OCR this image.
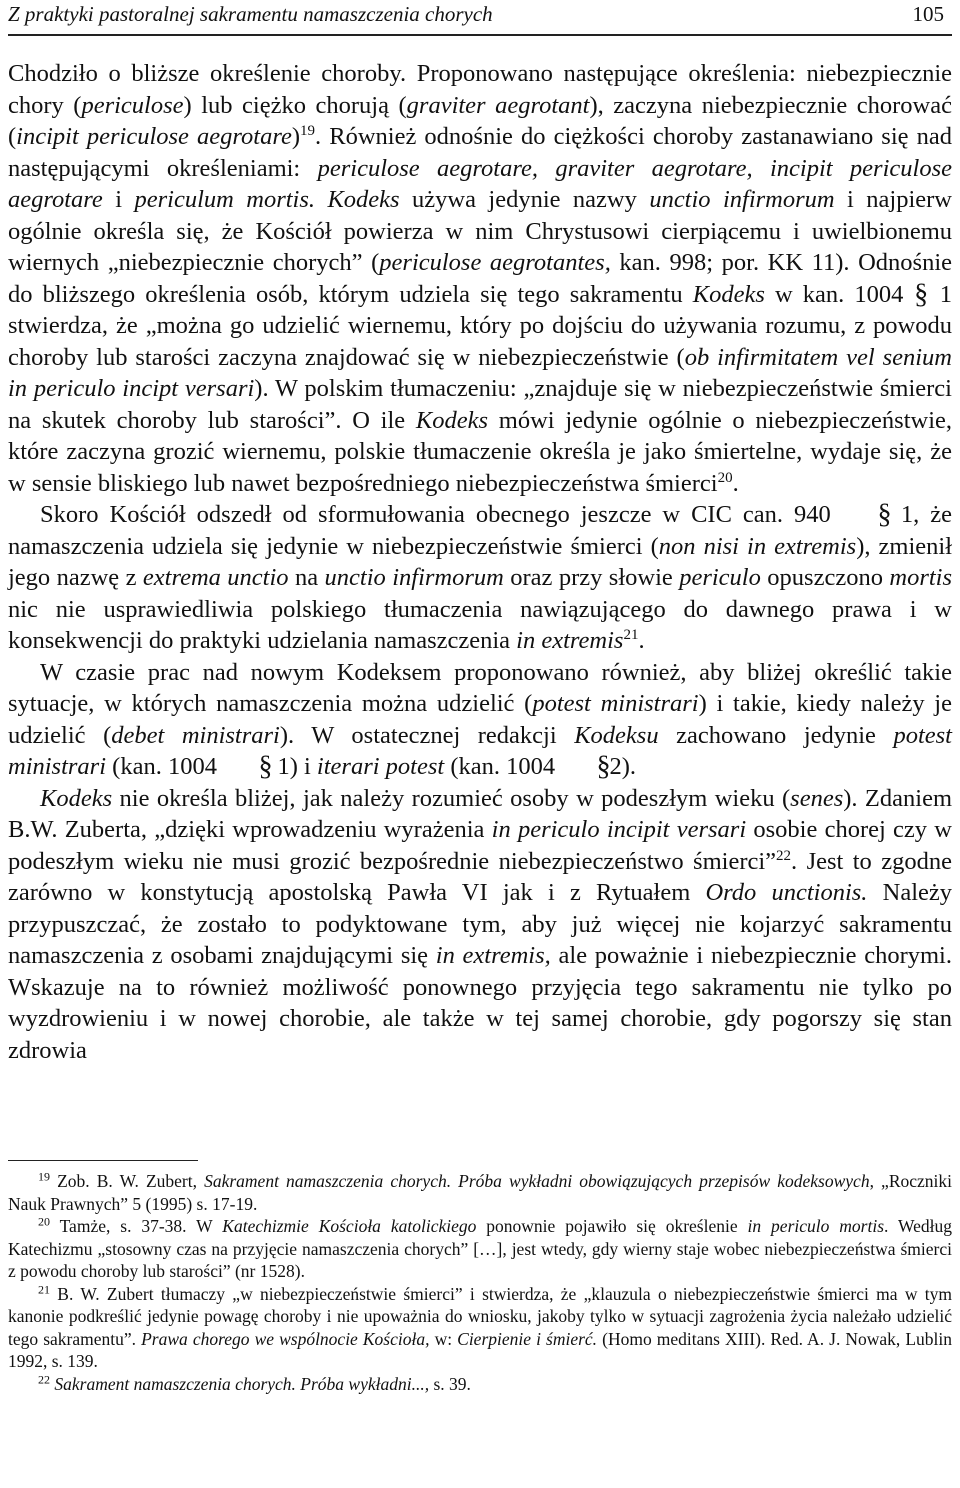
Z praktyki pastoralnej sakramentu namaszczenia chorych	105

Chodziło o bliższe określenie choroby. Proponowano następujące określenia: niebezpiecznie chory (periculose) lub ciężko chorują (graviter aegrotant), zaczyna niebezpiecznie chorować (incipit periculose aegrotare)$^{19}$. Również odnośnie do ciężkości choroby zastanawiano się nad następującymi określeniami: periculose aegrotare, graviter aegrotare, incipit periculose aegrotare i periculum mortis. Kodeks używa jedynie nazwy unctio infirmorum i najpierw ogólnie określa się, że Kościół powierza w nim Chrystusowi cierpiącemu i uwielbionemu wiernych „niebezpiecznie chorych” (periculose aegrotantes, kan. 998; por. KK 11). Odnośnie do bliższego określenia osób, którym udziela się tego sakramentu Kodeks w kan. 1004 § 1 stwierdza, że „można go udzielić wiernemu, który po dojściu do używania rozumu, z powodu choroby lub starości zaczyna znajdować się w niebezpieczeństwie (ob infirmitatem vel senium in periculo incipt versari). W polskim tłumaczeniu: „znajduje się w niebezpieczeństwie śmierci na skutek choroby lub starości”. O ile Kodeks mówi jedynie ogólnie o niebezpieczeństwie, które zaczyna grozić wiernemu, polskie tłumaczenie określa je jako śmiertelne, wydaje się, że w sensie bliskiego lub nawet bezpośredniego niebezpieczeństwa śmierci$^{20}$.

Skoro Kościół odszedł od sformułowania obecnego jeszcze w CIC can. 940 § 1, że namaszczenia udziela się jedynie w niebezpieczeństwie śmierci (non nisi in extremis), zmienił jego nazwę z extrema unctio na unctio infirmorum oraz przy słowie periculo opuszczono mortis nic nie usprawiedliwia polskiego tłumaczenia nawiązującego do dawnego prawa i w konsekwencji do praktyki udzielania namaszczenia in extremis$^{21}$.

W czasie prac nad nowym Kodeksem proponowano również, aby bliżej określić takie sytuacje, w których namaszczenia można udzielić (potest ministrari) i takie, kiedy należy je udzielić (debet ministrari). W ostatecznej redakcji Kodeksu zachowano jedynie potest ministrari (kan. 1004 § 1) i iterari potest (kan. 1004 §2).

Kodeks nie określa bliżej, jak należy rozumieć osoby w podeszłym wieku (senes). Zdaniem B.W. Zuberta, „dzięki wprowadzeniu wyrażenia in periculo incipit versari osobie chorej czy w podeszłym wieku nie musi grozić bezpośrednie niebezpieczeństwo śmierci”$^{22}$. Jest to zgodne zarówno w konstytucją apostolską Pawła VI jak i z Rytuałem Ordo unctionis. Należy przypuszczać, że zostało to podyktowane tym, aby już więcej nie kojarzyć sakramentu namaszczenia z osobami znajdującymi się in extremis, ale poważnie i niebezpiecznie chorymi. Wskazuje na to również możliwość ponownego przyjęcia tego sakramentu nie tylko po wyzdrowieniu i w nowej chorobie, ale także w tej samej chorobie, gdy pogorszy się stan zdrowia

$^{19}$ Zob. B. W. Zubert, Sakrament namaszczenia chorych. Próba wykładni obowiązujących przepisów kodeksowych, „Roczniki Nauk Prawnych” 5 (1995) s. 17-19.

$^{20}$ Tamże, s. 37-38. W Katechizmie Kościoła katolickiego ponownie pojawiło się określenie in periculo mortis. Według Katechizmu „stosowny czas na przyjęcie namaszczenia chorych” […], jest wtedy, gdy wierny staje wobec niebezpieczeństwa śmierci z powodu choroby lub starości” (nr 1528).

$^{21}$ B. W. Zubert tłumaczy „w niebezpieczeństwie śmierci” i stwierdza, że „klauzula o niebezpieczeństwie śmierci ma w tym kanonie podkreślić jedynie powagę choroby i nie upoważnia do wniosku, jakoby tylko w sytuacji zagrożenia życia należało udzielić tego sakramentu”. Prawa chorego we wspólnocie Kościoła, w: Cierpienie i śmierć. (Homo meditans XIII). Red. A. J. Nowak, Lublin 1992, s. 139.

$^{22}$ Sakrament namaszczenia chorych. Próba wykładni..., s. 39.
